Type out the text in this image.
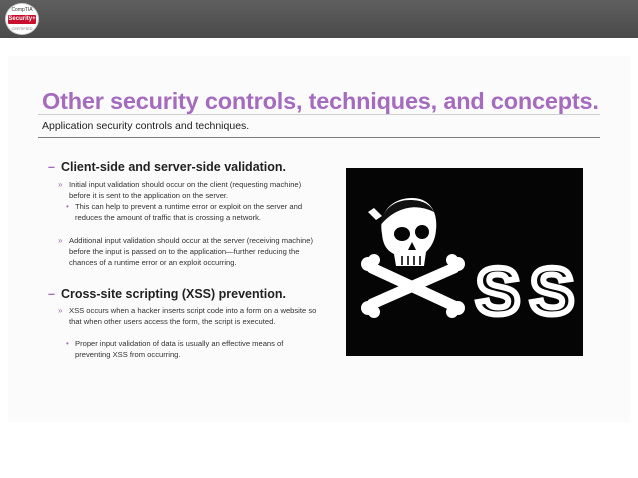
CompTIA
Security+
CERTIFIED
Other security controls, techniques, and concepts.
Application security controls and techniques.
– Client-side and server-side validation.
» Initial input validation should occur on the client (requesting machine) before it is sent to the application on the server.
• This can help to prevent a runtime error or exploit on the server and reduces the amount of traffic that is crossing a network.
» Additional input validation should occur at the server (receiving machine) before the input is passed on to the application—further reducing the chances of a runtime error or an exploit occurring.
– Cross-site scripting (XSS) prevention.
» XSS occurs when a hacker inserts script code into a form on a website so that when other users access the form, the script is executed.
• Proper input validation of data is usually an effective means of preventing XSS from occurring.
SS
